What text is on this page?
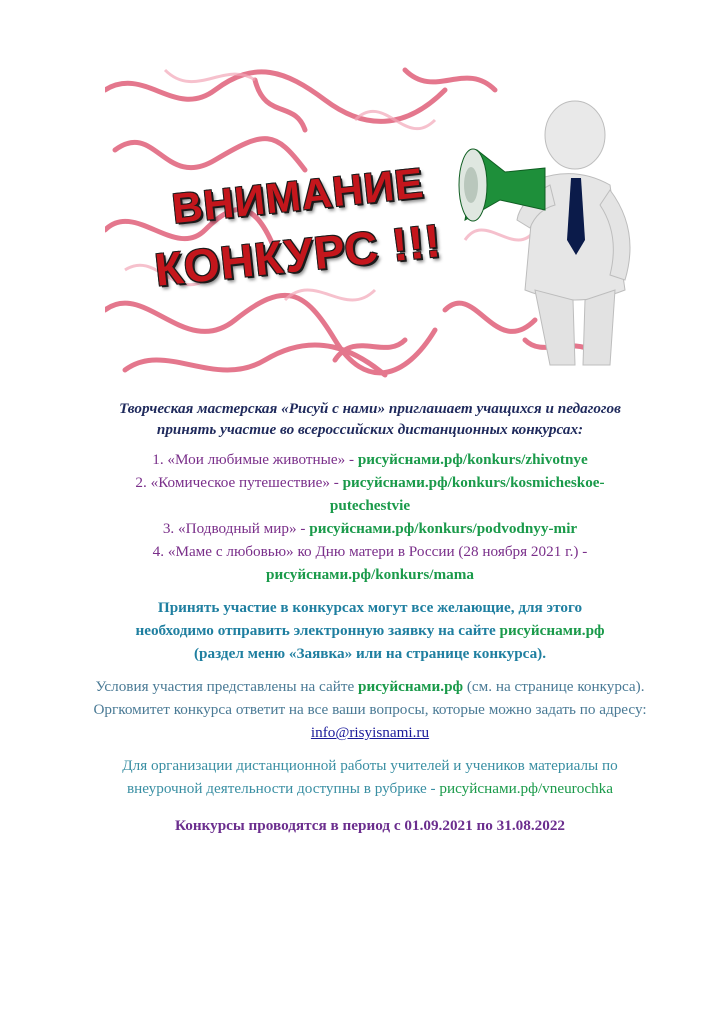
ВНИМАНИЕ
КОНКУРС !!!

Творческая мастерская «Рисуй с нами» приглашает учащихся и педагогов
принять участие во всероссийских дистанционных конкурсах:

1. «Мои любимые животные» - рисуйснами.рф/konkurs/zhivotnye
2. «Комическое путешествие» - рисуйснами.рф/konkurs/kosmicheskoe-
putechestvie
3. «Подводный мир» - рисуйснами.рф/konkurs/podvodnyy-mir
4. «Маме с любовью» ко Дню матери в России (28 ноября 2021 г.) -
рисуйснами.рф/konkurs/mama

Принять участие в конкурсах могут все желающие, для этого
необходимо отправить электронную заявку на сайте рисуйснами.рф
(раздел меню «Заявка» или на странице конкурса).

Условия участия представлены на сайте рисуйснами.рф (см. на странице конкурса). Оргкомитет конкурса ответит на все ваши вопросы, которые можно задать по адресу: info@risyisnami.ru

Для организации дистанционной работы учителей и учеников материалы по внеурочной деятельности доступны в рубрике - рисуйснами.рф/vneurochka

Конкурсы проводятся в период с 01.09.2021 по 31.08.2022
